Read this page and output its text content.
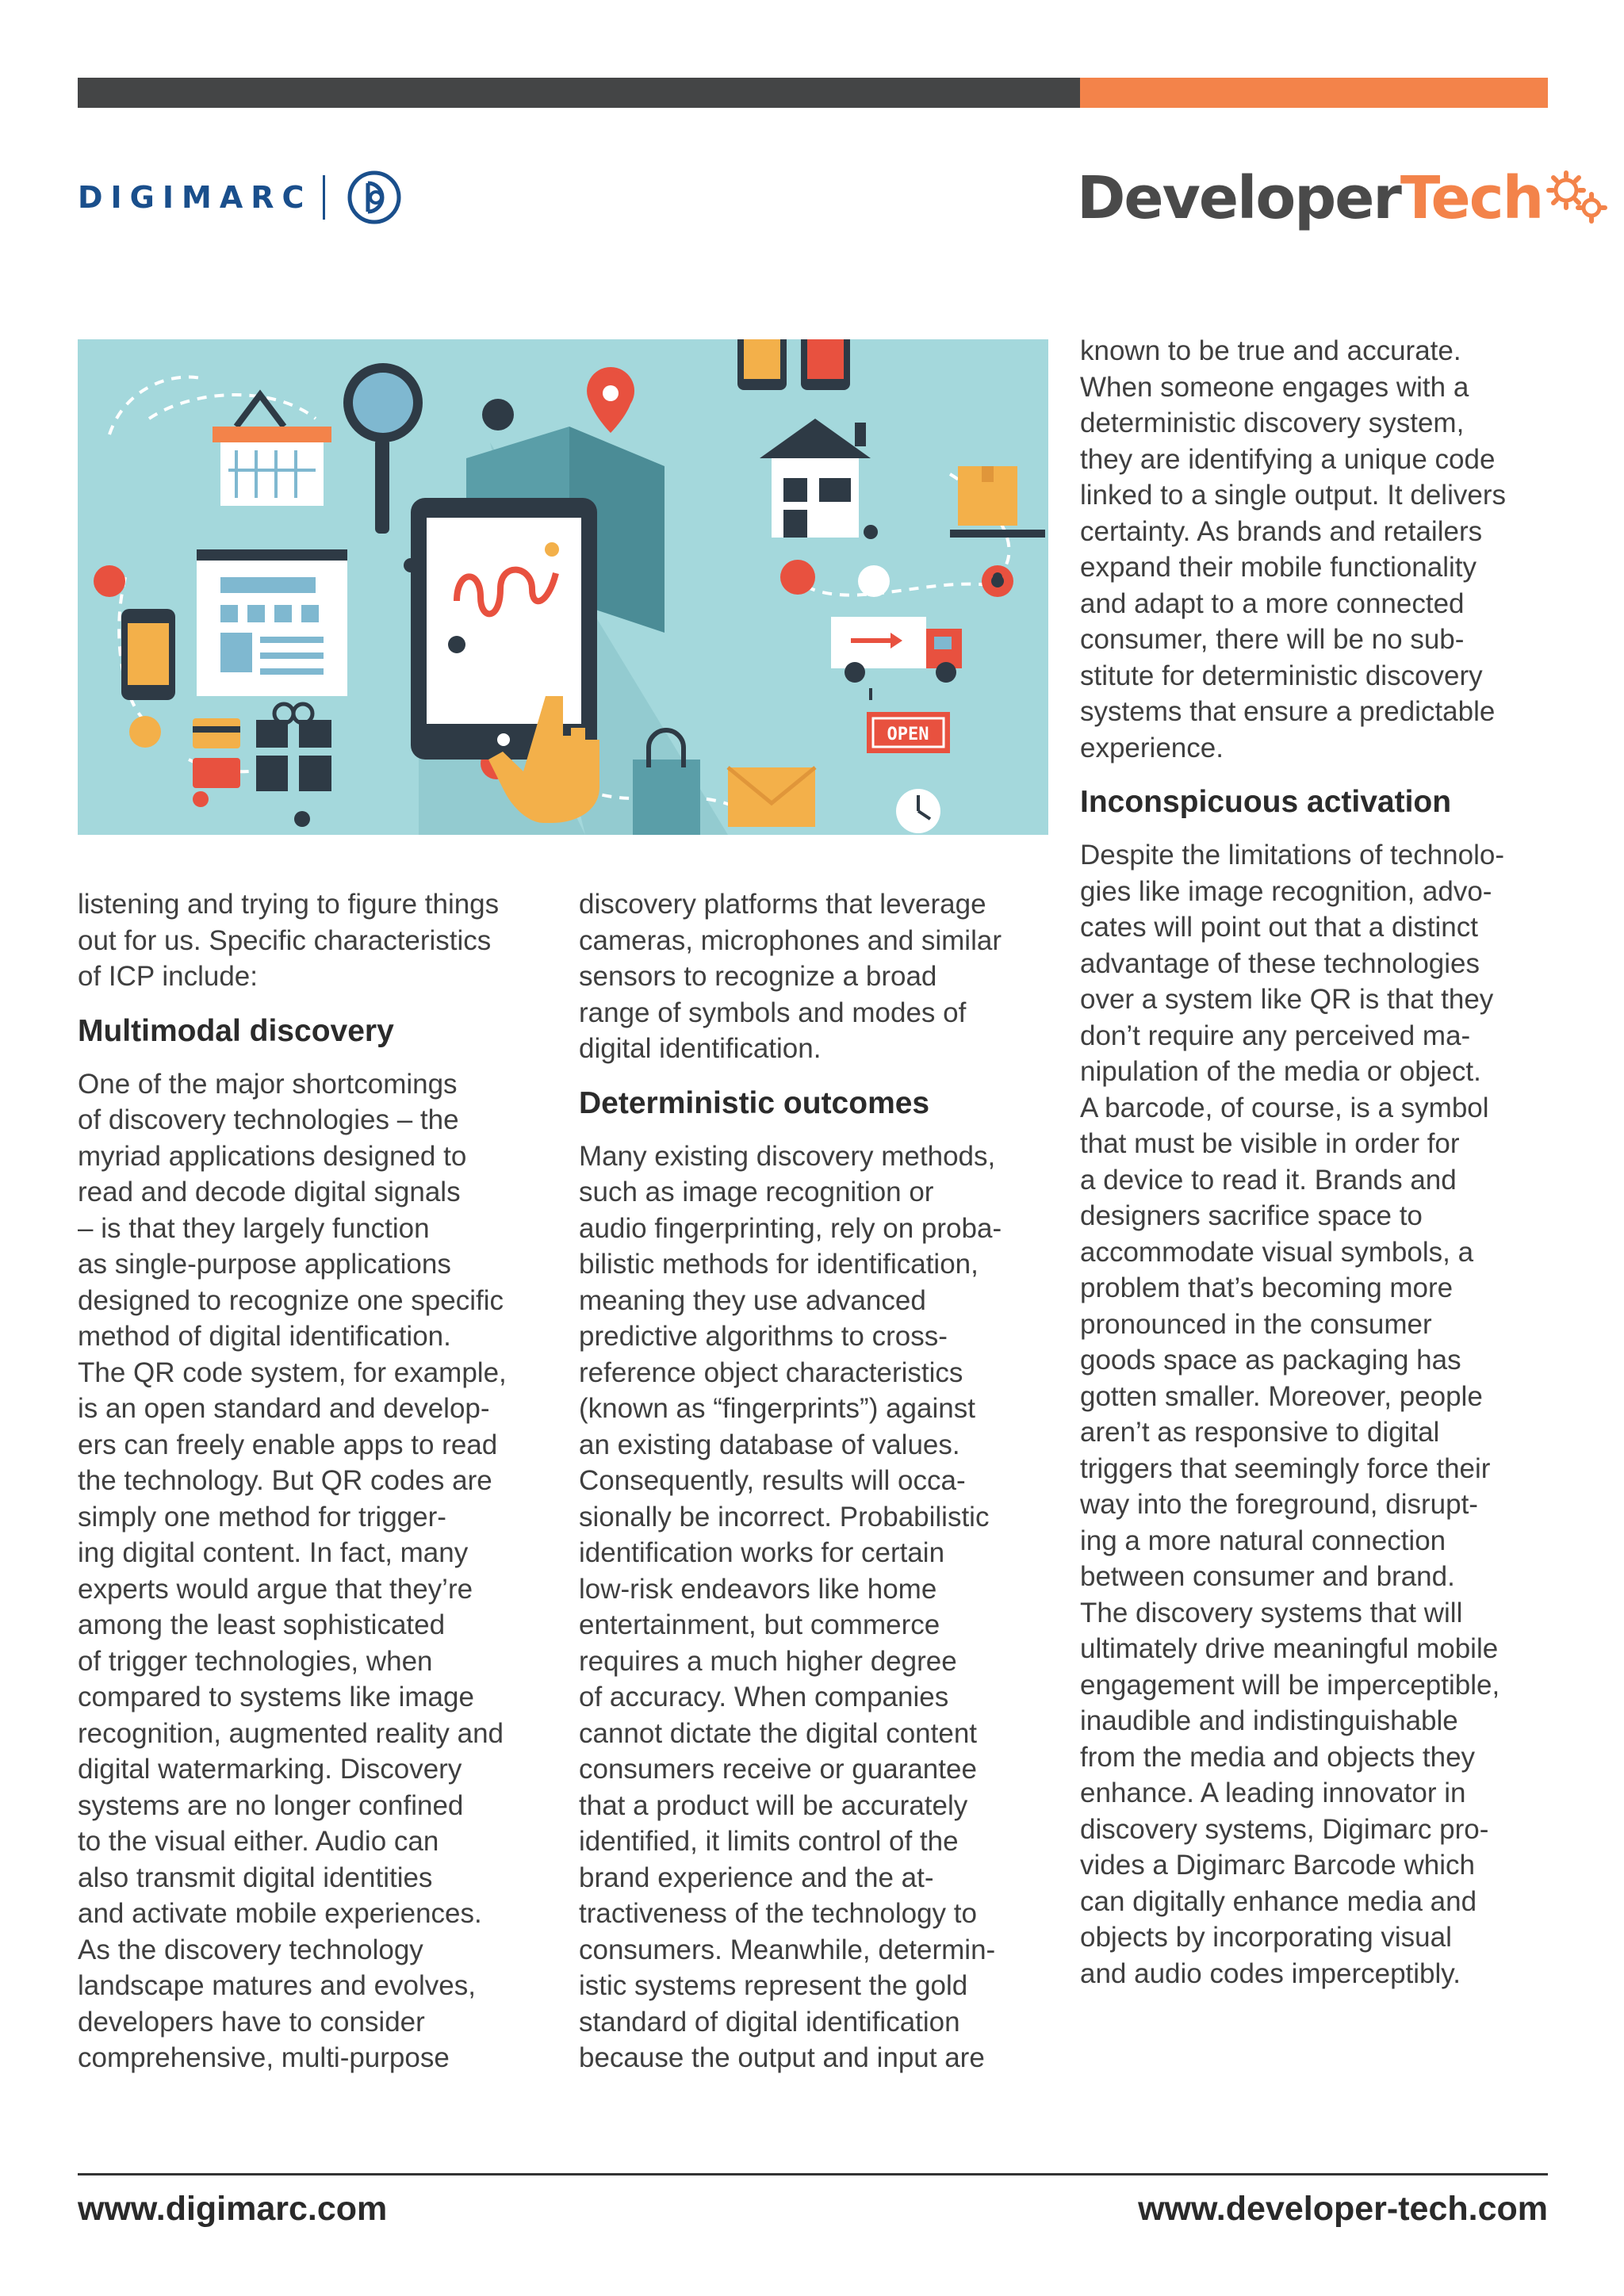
DIGIMARC	Developer Tech
OPEN

listening and trying to figure things
out for us. Specific characteristics
of ICP include:

Multimodal discovery

One of the major shortcomings
of discovery technologies – the
myriad applications designed to
read and decode digital signals
– is that they largely function
as single-purpose applications
designed to recognize one specific
method of digital identification.
The QR code system, for example,
is an open standard and develop-
ers can freely enable apps to read
the technology. But QR codes are
simply one method for trigger-
ing digital content. In fact, many
experts would argue that they’re
among the least sophisticated
of trigger technologies, when
compared to systems like image
recognition, augmented reality and
digital watermarking. Discovery
systems are no longer confined
to the visual either. Audio can
also transmit digital identities
and activate mobile experiences.
As the discovery technology
landscape matures and evolves,
developers have to consider
comprehensive, multi-purpose

discovery platforms that leverage
cameras, microphones and similar
sensors to recognize a broad
range of symbols and modes of
digital identification.

Deterministic outcomes

Many existing discovery methods,
such as image recognition or
audio fingerprinting, rely on proba-
bilistic methods for identification,
meaning they use advanced
predictive algorithms to cross-
reference object characteristics
(known as “fingerprints”) against
an existing database of values.
Consequently, results will occa-
sionally be incorrect. Probabilistic
identification works for certain
low-risk endeavors like home
entertainment, but commerce
requires a much higher degree
of accuracy. When companies
cannot dictate the digital content
consumers receive or guarantee
that a product will be accurately
identified, it limits control of the
brand experience and the at-
tractiveness of the technology to
consumers. Meanwhile, determin-
istic systems represent the gold
standard of digital identification
because the output and input are

known to be true and accurate.
When someone engages with a
deterministic discovery system,
they are identifying a unique code
linked to a single output. It delivers
certainty. As brands and retailers
expand their mobile functionality
and adapt to a more connected
consumer, there will be no sub-
stitute for deterministic discovery
systems that ensure a predictable
experience.

Inconspicuous activation

Despite the limitations of technolo-
gies like image recognition, advo-
cates will point out that a distinct
advantage of these technologies
over a system like QR is that they
don’t require any perceived ma-
nipulation of the media or object.
A barcode, of course, is a symbol
that must be visible in order for
a device to read it. Brands and
designers sacrifice space to
accommodate visual symbols, a
problem that’s becoming more
pronounced in the consumer
goods space as packaging has
gotten smaller. Moreover, people
aren’t as responsive to digital
triggers that seemingly force their
way into the foreground, disrupt-
ing a more natural connection
between consumer and brand.
The discovery systems that will
ultimately drive meaningful mobile
engagement will be imperceptible,
inaudible and indistinguishable
from the media and objects they
enhance. A leading innovator in
discovery systems, Digimarc pro-
vides a Digimarc Barcode which
can digitally enhance media and
objects by incorporating visual
and audio codes imperceptibly.

www.digimarc.com	www.developer-tech.com
